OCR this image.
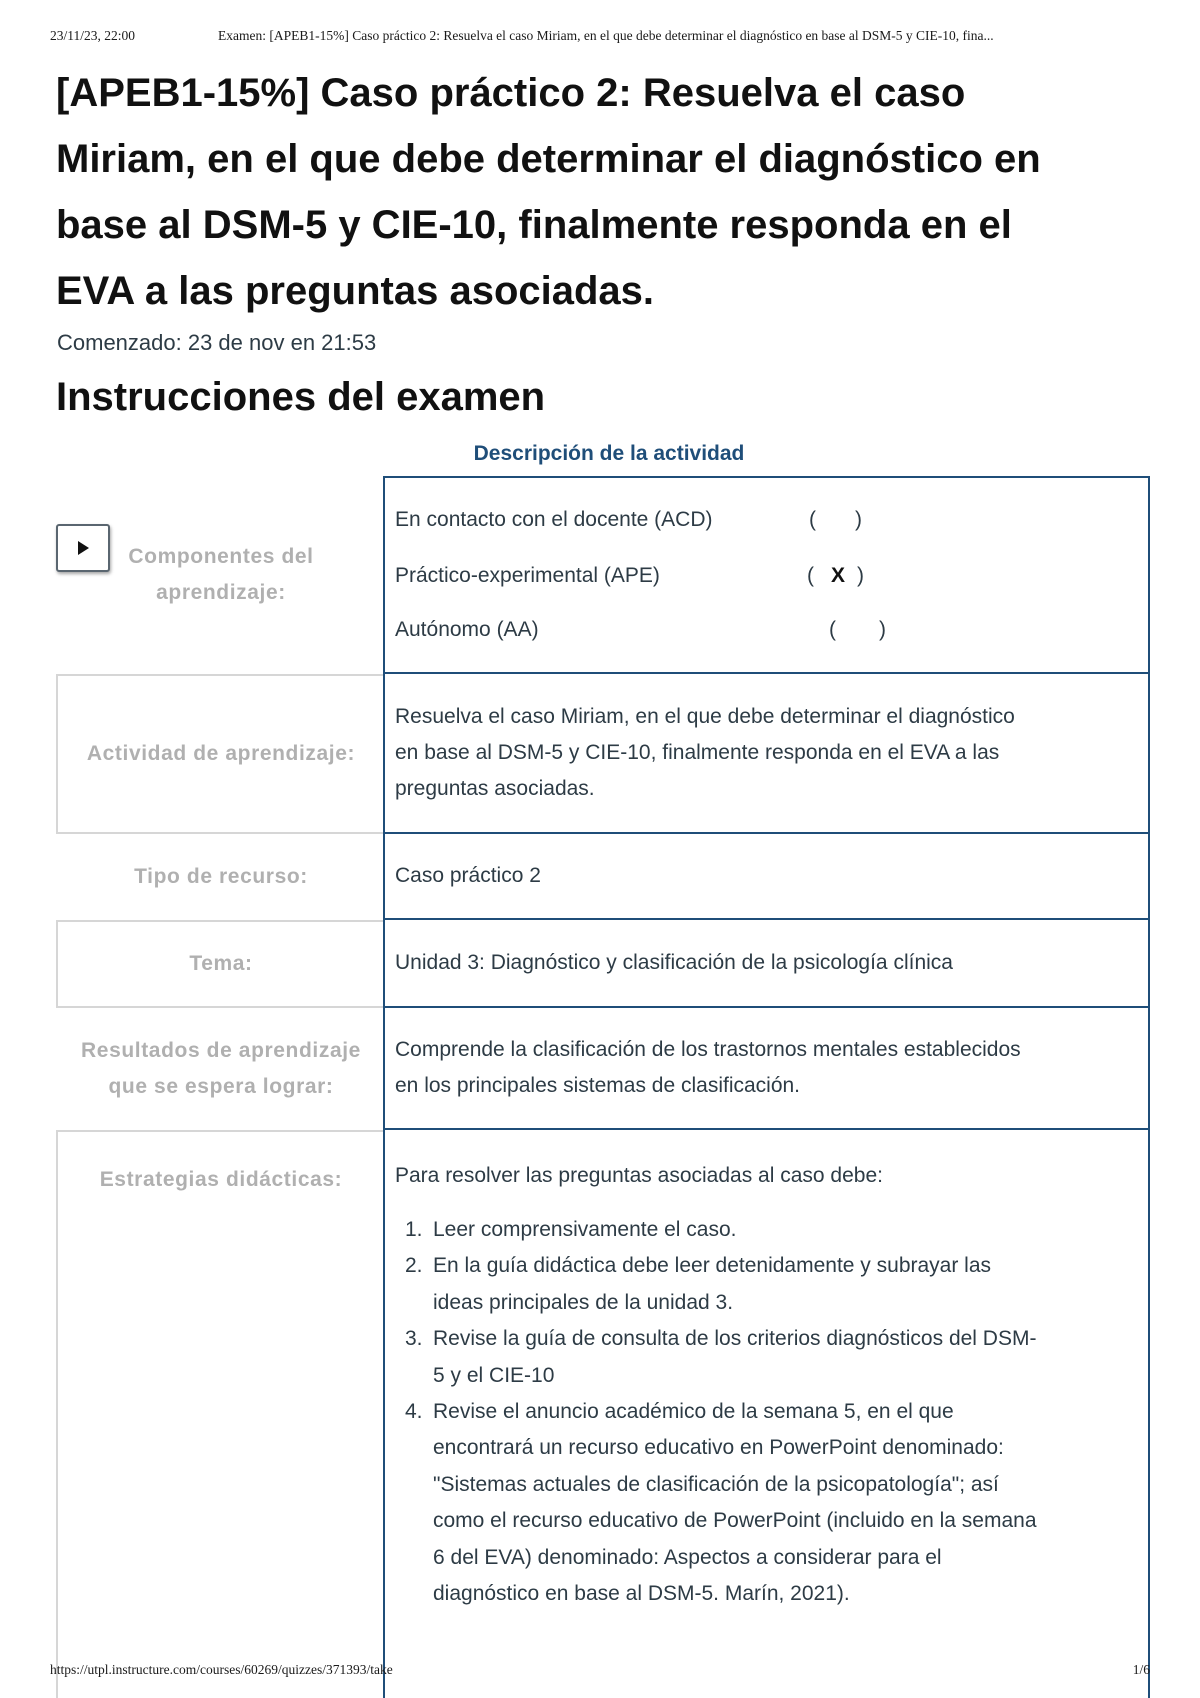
23/11/23, 22:00	Examen: [APEB1-15%] Caso práctico 2: Resuelva el caso Miriam, en el que debe determinar el diagnóstico en base al DSM-5 y CIE-10, fina...
[APEB1-15%] Caso práctico 2: Resuelva el caso
Miriam, en el que debe determinar el diagnóstico en
base al DSM-5 y CIE-10, finalmente responda en el
EVA a las preguntas asociadas.
Comenzado: 23 de nov en 21:53
Instrucciones del examen
Descripción de la actividad
Componentes del
aprendizaje:
En contacto con el docente (ACD)	( )
Práctico-experimental (APE)	( X )
Autónomo (AA)	( )
Actividad de aprendizaje:
Resuelva el caso Miriam, en el que debe determinar el diagnóstico
en base al DSM-5 y CIE-10, finalmente responda en el EVA a las
preguntas asociadas.
Tipo de recurso:	Caso práctico 2
Tema:	Unidad 3: Diagnóstico y clasificación de la psicología clínica
Resultados de aprendizaje
que se espera lograr:
Comprende la clasificación de los trastornos mentales establecidos
en los principales sistemas de clasificación.
Estrategias didácticas:	Para resolver las preguntas asociadas al caso debe:
1. Leer comprensivamente el caso.
2. En la guía didáctica debe leer detenidamente y subrayar las
ideas principales de la unidad 3.
3. Revise la guía de consulta de los criterios diagnósticos del DSM-
5 y el CIE-10
4. Revise el anuncio académico de la semana 5, en el que
encontrará un recurso educativo en PowerPoint denominado:
"Sistemas actuales de clasificación de la psicopatología"; así
como el recurso educativo de PowerPoint (incluido en la semana
6 del EVA) denominado: Aspectos a considerar para el
diagnóstico en base al DSM-5. Marín, 2021).
https://utpl.instructure.com/courses/60269/quizzes/371393/take	1/6
